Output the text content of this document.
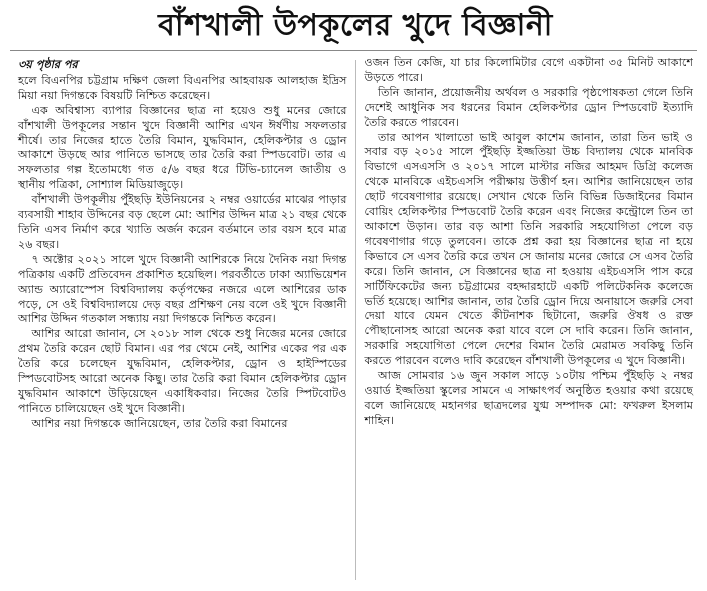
বাঁশখালী উপকূলের খুদে বিজ্ঞানী
৩য় পৃষ্ঠার পর

হলে বিএনপির চট্টগ্রাম দক্ষিণ জেলা বিএনপির আহবায়ক আলহাজ ইদ্রিস মিয়া নয়া দিগন্তকে বিষয়টি নিশ্চিত করেছেন।

এক অবিশ্বাস্য ব্যাপার বিজ্ঞানের ছাত্র না হয়েও শুধু মনের জোরে বাঁশখালী উপকূলের সন্তান খুদে বিজ্ঞানী আশির এখন ঈর্ষণীয় সফলতার শীর্ষে। তার নিজের হাতে তৈরি বিমান, যুদ্ধবিমান, হেলিকপ্টার ও ড্রোন আকাশে উড়ছে আর পানিতে ভাসছে তার তৈরি করা স্পিডবোট। তার এ সফলতার গল্প ইতোমধ্যে গত ৫/৬ বছর ধরে টিভি-চ্যানেল জাতীয় ও স্থানীয় পত্রিকা, সোশ্যাল মিডিয়াজুড়ে।

বাঁশখালী উপকূলীয় পুঁইছড়ি ইউনিয়নের ২ নম্বর ওয়ার্ডের মাঝের পাড়ার ব্যবসায়ী শাহাব উদ্দিনের বড় ছেলে মো: আশির উদ্দিন মাত্র ২১ বছর থেকে তিনি এসব নির্মাণ করে খ্যাতি অর্জন করেন বর্তমানে তার বয়স হবে মাত্র ২৬ বছর।

৭ অক্টোর ২০২১ সালে খুদে বিজ্ঞানী আশিরকে নিয়ে দৈনিক নয়া দিগন্ত পত্রিকায় একটি প্রতিবেদন প্রকাশিত হয়েছিল। পরবর্তীতে ঢাকা অ্যাভিয়েশন অ্যান্ড অ্যারোস্পেস বিশ্ববিদ্যালয় কর্তৃপক্ষের নজরে এলে আশিরের ডাক পড়ে, সে ওই বিশ্ববিদ্যালয়ে দেড় বছর প্রশিক্ষণ নেয় বলে ওই খুদে বিজ্ঞানী আশির উদ্দিন গতকাল সন্ধ্যায় নয়া দিগন্তকে নিশ্চিত করেন।

আশির আরো জানান, সে ২০১৮ সাল থেকে শুধু নিজের মনের জোরে প্রথম তৈরি করেন ছোট বিমান। এর পর থেমে নেই, আশির একের পর এক তৈরি করে চলেছেন যুদ্ধবিমান, হেলিকপ্টার, ড্রোন ও হাইস্পিডের স্পিডবোটসহ আরো অনেক কিছু। তার তৈরি করা বিমান হেলিকপ্টার ড্রোন যুদ্ধবিমান আকাশে উড়িয়েছেন একাধিকবার। নিজের তৈরি স্পিটবোটও পানিতে চালিয়েছেন ওই খুদে বিজ্ঞানী।

আশির নয়া দিগন্তকে জানিয়েছেন, তার তৈরি করা বিমানের

ওজন তিন কেজি, যা চার কিলোমিটার বেগে একটানা ৩৫ মিনিট আকাশে উড়তে পারে।

তিনি জানান, প্রয়োজনীয় অর্থবল ও সরকারি পৃষ্ঠপোষকতা গেলে তিনি দেশেই আধুনিক সব ধরনের বিমান হেলিকপ্টার ড্রোন স্পিডবোট ইত্যাদি তৈরি করতে পারবেন।

তার আপন খালাতো ভাই আবুল কাশেম জানান, তারা তিন ভাই ও সবার বড় ২০১৫ সালে পুঁইছড়ি ইজ্জতিয়া উচ্চ বিদ্যালয় থেকে মানবিক বিভাগে এসএসসি ও ২০১৭ সালে মাস্টার নজির আহমদ ডিগ্রি কলেজ থেকে মানবিকে এইচএসসি পরীক্ষায় উত্তীর্ণ হন। আশির জানিয়েছেন তার ছোট গবেষণাগার রয়েছে। সেখান থেকে তিনি বিভিন্ন ডিজাইনের বিমান বোয়িং হেলিকপ্টার স্পিডবোট তৈরি করেন এবং নিজের কন্ট্রোলে তিন তা আকাশে উড়ান। তার বড় আশা তিনি সরকারি সহযোগিতা পেলে বড় গবেষণাগার গড়ে তুলবেন। তাকে প্রশ্ন করা হয় বিজ্ঞানের ছাত্র না হয়ে কিভাবে সে এসব তৈরি করে তখন সে জানায় মনের জোরে সে এসব তৈরি করে। তিনি জানান, সে বিজ্ঞানের ছাত্র না হওয়ায় এইচএসসি পাস করে সার্টিফিকেটের জন্য চট্টগ্রামের বহদ্দারহাটে একটি পলিটেকনিক কলেজে ভর্তি হয়েছে। আশির জানান, তার তৈরি ড্রোন দিয়ে অনায়াসে জরুরি সেবা দেয়া যাবে যেমন খেতে কীটনাশক ছিটানো, জরুরি ঔষধ ও রক্ত পৌছানোসহ আরো অনেক করা যাবে বলে সে দাবি করেন। তিনি জানান, সরকারি সহযোগিতা পেলে দেশের বিমান তৈরি মেরামত সবকিছু তিনি করতে পারবেন বলেও দাবি করেছেন বাঁশখালী উপকূলের এ খুদে বিজ্ঞানী।

আজ সোমবার ১৬ জুন সকাল সাড়ে ১০টায় পশ্চিম পুঁইছড়ি ২ নম্বর ওয়ার্ড ইজ্জতিয়া স্কুলের সামনে এ সাক্ষাৎপর্ব অনুষ্ঠিত হওয়ার কথা রয়েছে বলে জানিয়েছে মহানগর ছাত্রদলের যুগ্ম সম্পাদক মো: ফখরুল ইসলাম শাহিন।
